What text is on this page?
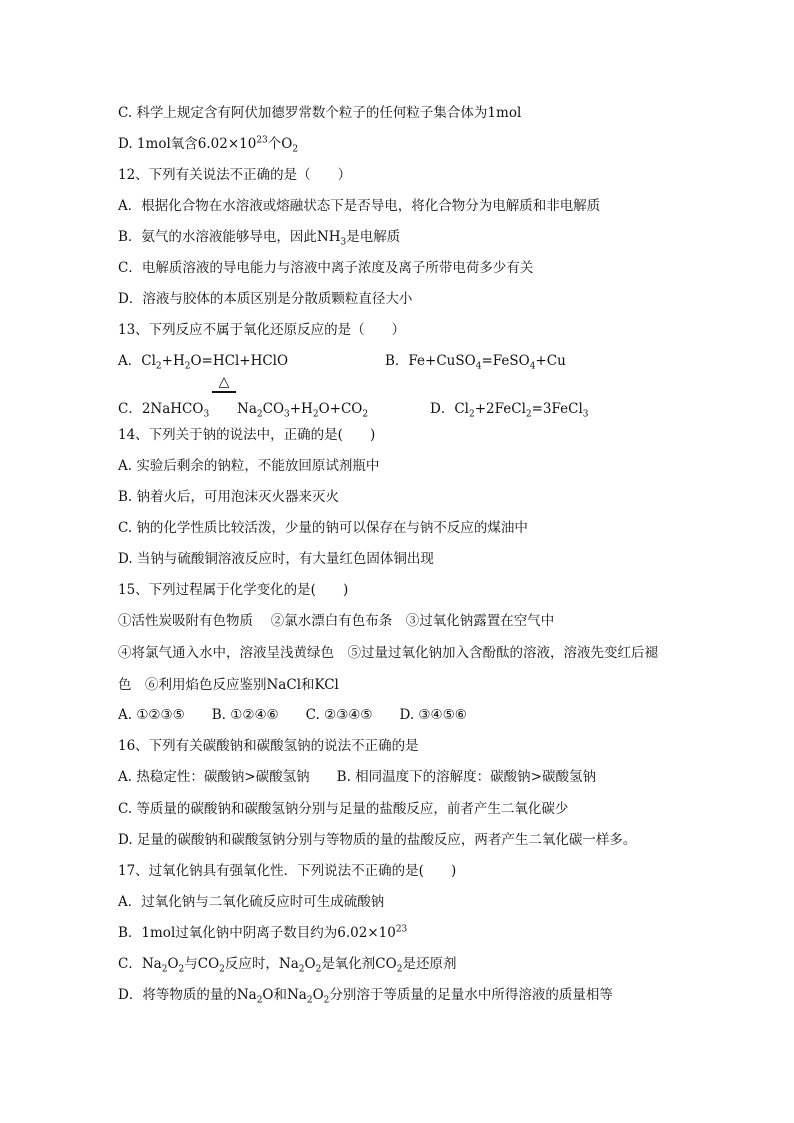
C. 科学上规定含有阿伏加德罗常数个粒子的任何粒子集合体为1mol
D. 1mol氧含$6.02\times 10^{23}$个$O_2$
12、下列有关说法不正确的是（　　）
A．根据化合物在水溶液或熔融状态下是否导电，将化合物分为电解质和非电解质
B．氨气的水溶液能够导电，因此$NH_3$是电解质
C．电解质溶液的导电能力与溶液中离子浓度及离子所带电荷多少有关
D．溶液与胶体的本质区别是分散质颗粒直径大小
13、下列反应不属于氧化还原反应的是（　　）
A．$Cl_2+H_2O=HCl+HClO$	B．Fe+CuSO$_4$=FeSO$_4$+Cu
△
C．2NaHCO$_3$ $Na_2CO_3+H_2O+CO_2$	D．$Cl_2+2FeCl_2=3FeCl_3$
14、下列关于钠的说法中，正确的是(　　)
A. 实验后剩余的钠粒，不能放回原试剂瓶中
B. 钠着火后，可用泡沫灭火器来灭火
C. 钠的化学性质比较活泼，少量的钠可以保存在与钠不反应的煤油中
D. 当钠与硫酸铜溶液反应时，有大量红色固体铜出现
15、下列过程属于化学变化的是(　　)
①活性炭吸附有色物质　 ②氯水漂白有色布条　③过氧化钠露置在空气中
④将氯气通入水中，溶液呈浅黄绿色　⑤过量过氧化钠加入含酚酞的溶液，溶液先变红后褪
色　⑥利用焰色反应鉴别NaCl和KCl
A. ①②③⑤　　B. ①②④⑥　　C. ②③④⑤　　D. ③④⑤⑥
16、下列有关碳酸钠和碳酸氢钠的说法不正确的是
A. 热稳定性：碳酸钠>碳酸氢钠　　B. 相同温度下的溶解度：碳酸钠>碳酸氢钠
C. 等质量的碳酸钠和碳酸氢钠分别与足量的盐酸反应，前者产生二氧化碳少
D. 足量的碳酸钠和碳酸氢钠分别与等物质的量的盐酸反应，两者产生二氧化碳一样多。
17、过氧化钠具有强氧化性．下列说法不正确的是(　　)
A．过氧化钠与二氧化硫反应时可生成硫酸钠
B．1mol过氧化钠中阴离子数目约为$6.02\times 10^{23}$
C．$Na_2O_2$与$CO_2$反应时，$Na_2O_2$是氧化剂$CO_2$是还原剂
D．将等物质的量的$Na_2O$和$Na_2O_2$分别溶于等质量的足量水中所得溶液的质量相等
